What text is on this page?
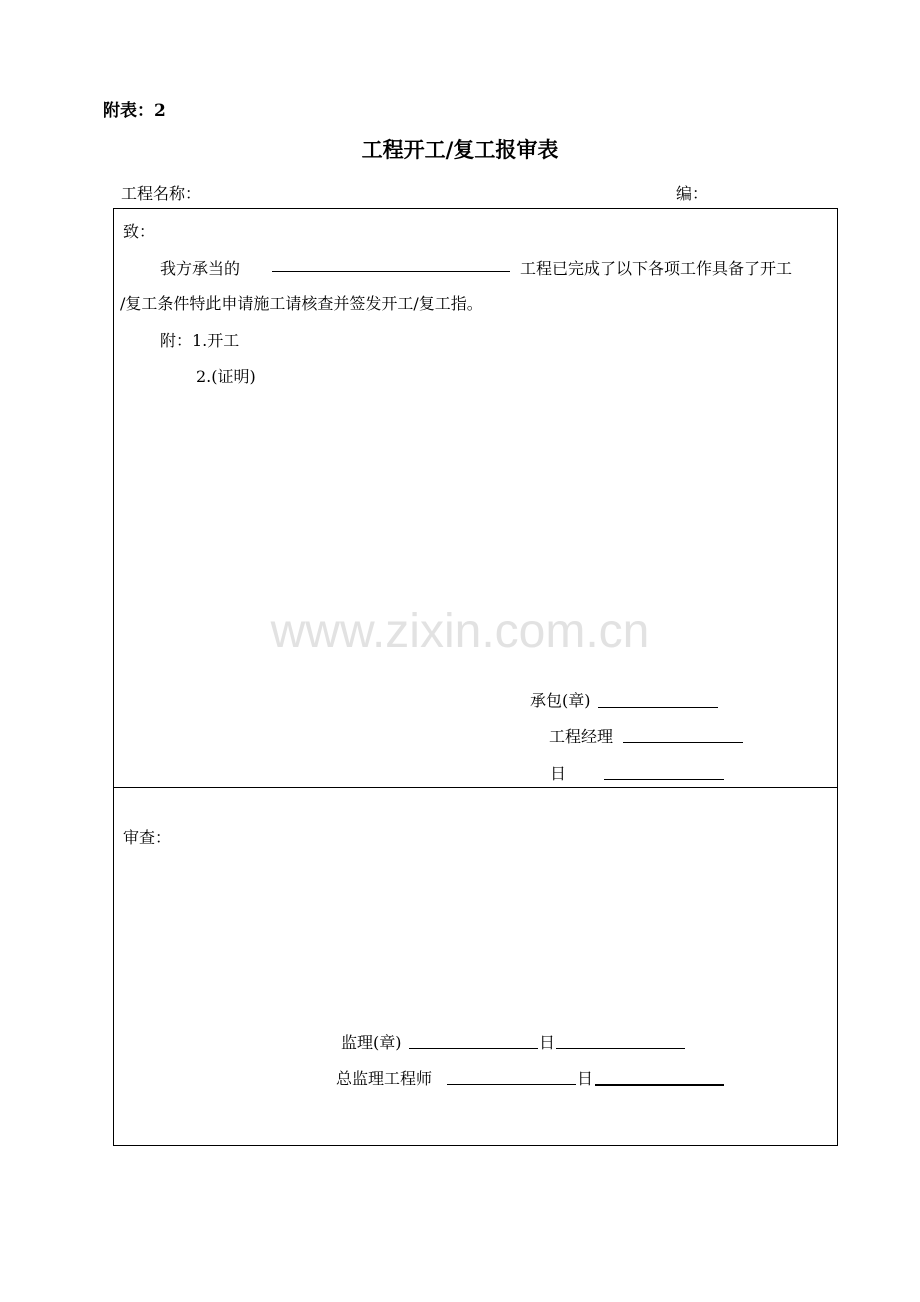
附表：2
工程开工/复工报审表
工程名称：	编：
致：
我方承当的	工程已完成了以下各项工作具备了开工
/复工条件特此申请施工请核查并签发开工/复工指。
附：1.开工
2.(证明)
承包(章)
工程经理
日
审查：
监理(章)	日
总监理工程师	日
www.zixin.com.cn
